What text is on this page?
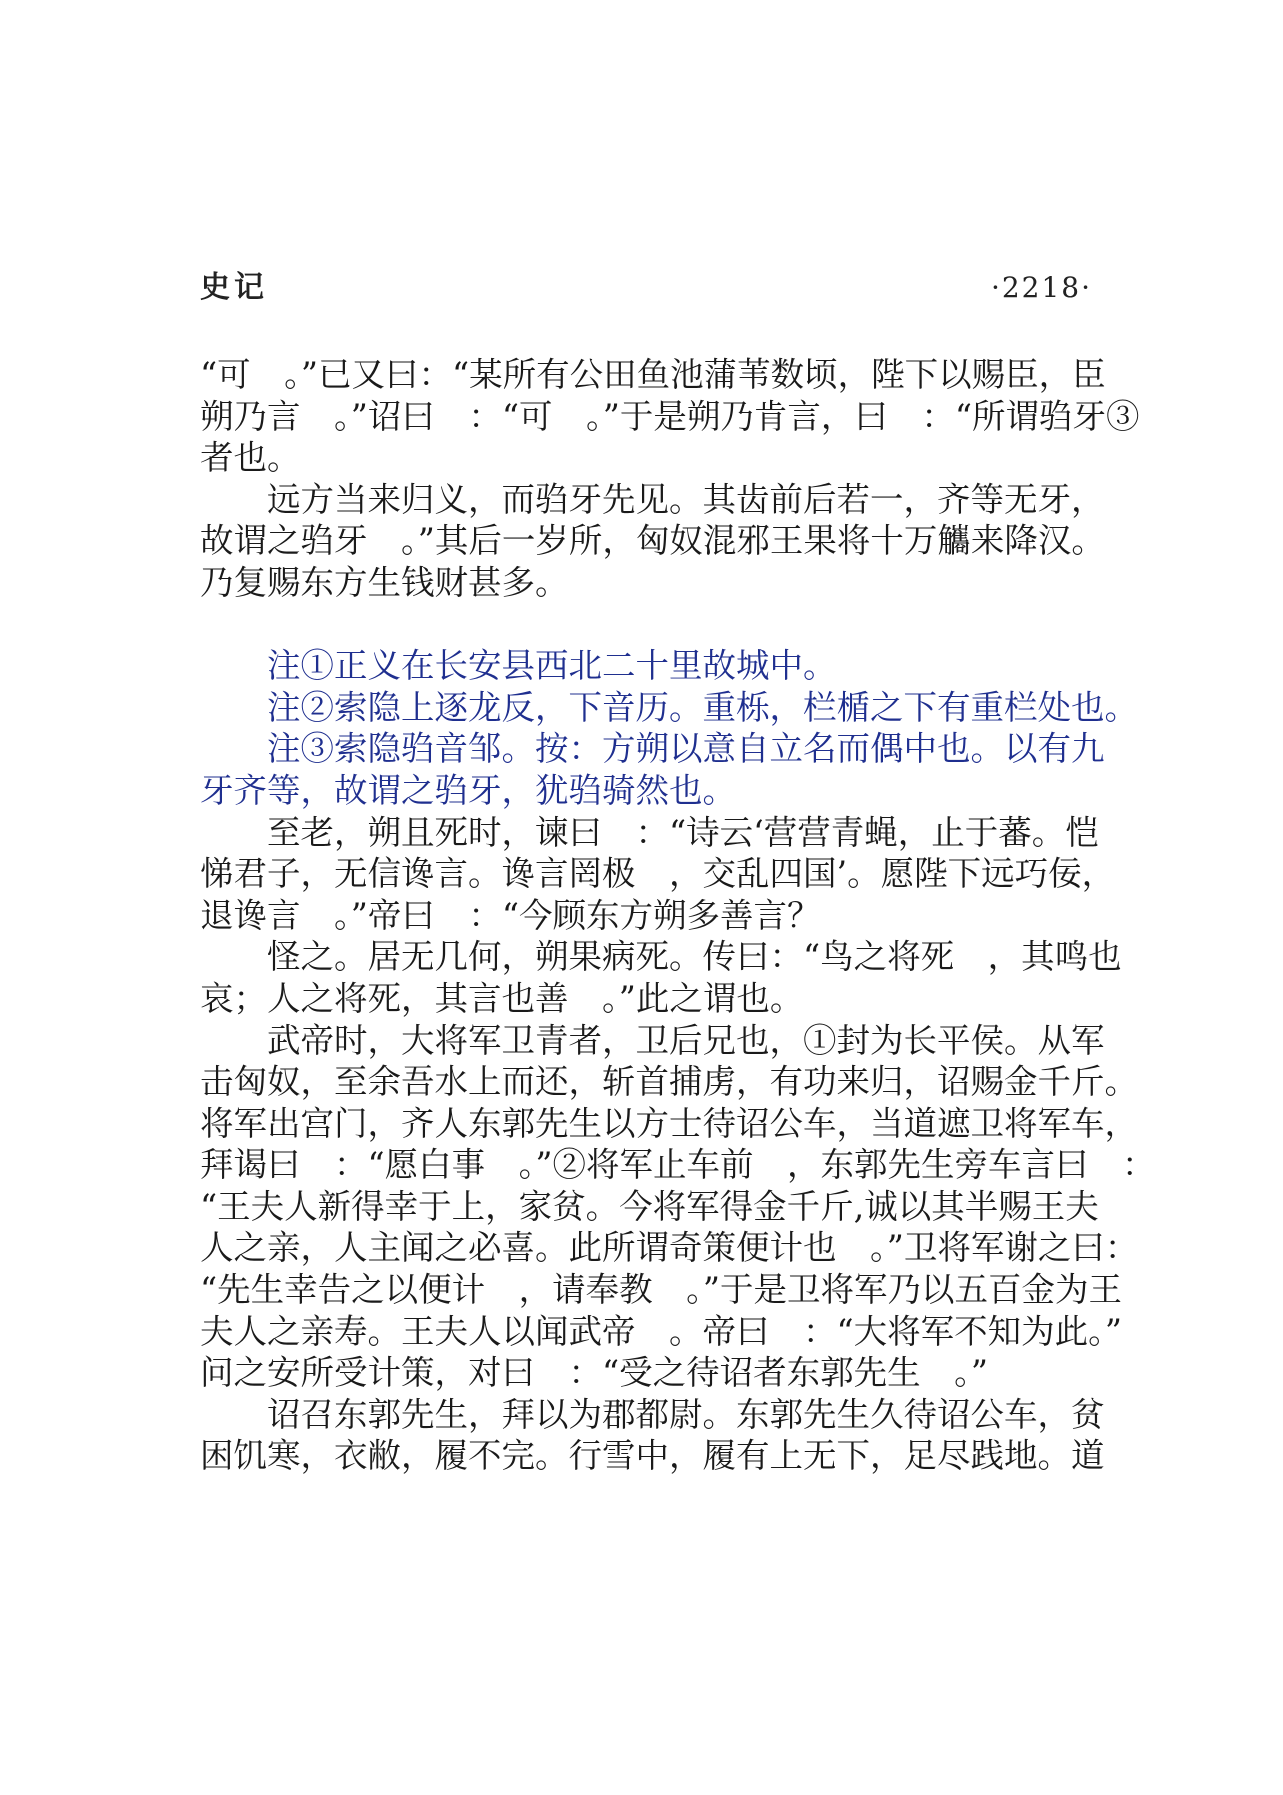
史记	·2218·
“可　。”已又曰：“某所有公田鱼池蒲苇数顷，陛下以赐臣，臣
朔乃言　。”诏曰　：“可　。”于是朔乃肯言，曰　：“所谓驺牙③
者也。
远方当来归义，而驺牙先见。其齿前后若一，齐等无牙，
故谓之驺牙　。”其后一岁所，匈奴混邪王果将十万觿来降汉。
乃复赐东方生钱财甚多。
注①正义在长安县西北二十里故城中。
注②索隐上逐龙反，下音历。重栎，栏楯之下有重栏处也。
注③索隐驺音邹。按：方朔以意自立名而偶中也。以有九
牙齐等，故谓之驺牙，犹驺骑然也。
至老，朔且死时，谏曰　：“诗云‘营营青蝇，止于蕃。恺
悌君子，无信谗言。谗言罔极　，交乱四国’。愿陛下远巧佞，
退谗言　。”帝曰　：“今顾东方朔多善言？
怪之。居无几何，朔果病死。传曰：“鸟之将死　，其鸣也
哀；人之将死，其言也善　。”此之谓也。
武帝时，大将军卫青者，卫后兄也，①封为长平侯。从军
击匈奴，至余吾水上而还，斩首捕虏，有功来归，诏赐金千斤。
将军出宫门，齐人东郭先生以方士待诏公车，当道遮卫将军车，
拜谒曰　：“愿白事　。”②将军止车前　，东郭先生旁车言曰　：
“王夫人新得幸于上，家贫。今将军得金千斤,诚以其半赐王夫
人之亲，人主闻之必喜。此所谓奇策便计也　。”卫将军谢之曰：
“先生幸告之以便计　，请奉教　。”于是卫将军乃以五百金为王
夫人之亲寿。王夫人以闻武帝　。帝曰　：“大将军不知为此。”
问之安所受计策，对曰　：“受之待诏者东郭先生　。”
诏召东郭先生，拜以为郡都尉。东郭先生久待诏公车，贫
困饥寒，衣敝，履不完。行雪中，履有上无下，足尽践地。道
